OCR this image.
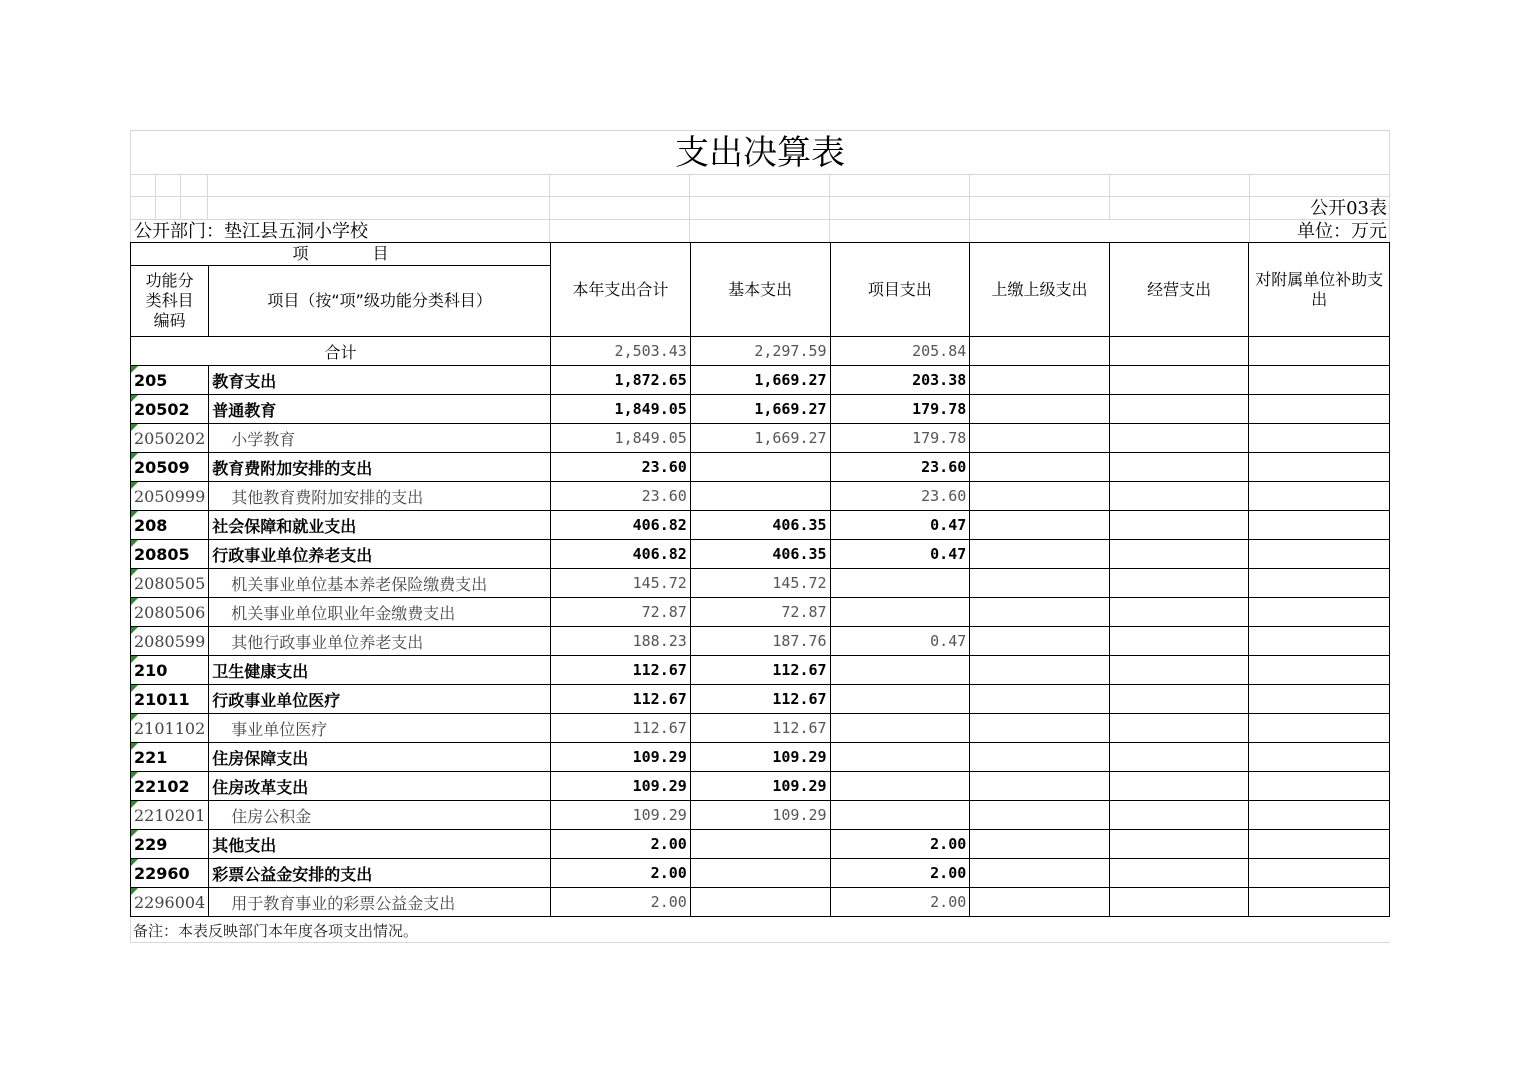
支出决算表
公开03表
公开部门：垫江县五洞小学校	单位：万元
项　　　　目		本年支出合计	基本支出	项目支出	上缴上级支出	经营支出	对附属单位补助支出
功能分类科目编码	项目（按“项”级功能分类科目）						
合计		2,503.43	2,297.59	205.84			
205	教育支出	1,872.65	1,669.27	203.38			
20502	普通教育	1,849.05	1,669.27	179.78			
2050202	小学教育	1,849.05	1,669.27	179.78			
20509	教育费附加安排的支出	23.60		23.60			
2050999	其他教育费附加安排的支出	23.60		23.60			
208	社会保障和就业支出	406.82	406.35	0.47			
20805	行政事业单位养老支出	406.82	406.35	0.47			
2080505	机关事业单位基本养老保险缴费支出	145.72	145.72				
2080506	机关事业单位职业年金缴费支出	72.87	72.87				
2080599	其他行政事业单位养老支出	188.23	187.76	0.47			
210	卫生健康支出	112.67	112.67				
21011	行政事业单位医疗	112.67	112.67				
2101102	事业单位医疗	112.67	112.67				
221	住房保障支出	109.29	109.29				
22102	住房改革支出	109.29	109.29				
2210201	住房公积金	109.29	109.29				
229	其他支出	2.00		2.00			
22960	彩票公益金安排的支出	2.00		2.00			
2296004	用于教育事业的彩票公益金支出	2.00		2.00			
备注：本表反映部门本年度各项支出情况。
